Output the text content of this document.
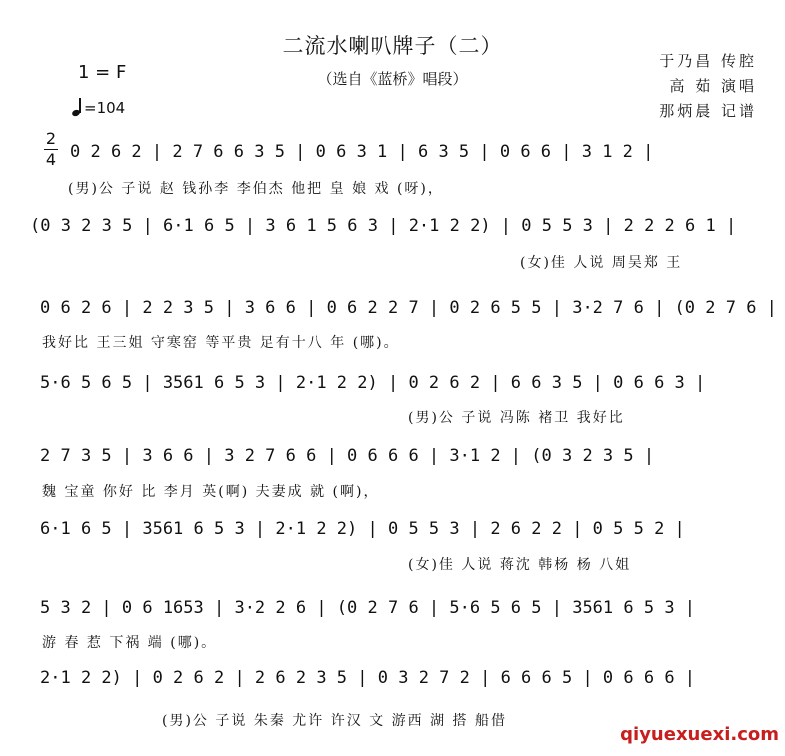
二流水喇叭牌子（二）
（选自《蓝桥》唱段）
于乃昌 传腔
高 茹 演唱
那炳晨 记谱
1 = F
=104
2
4 0 2 6 2 | 2 7 6 6 3 5 | 0 6 3 1 | 6 3 5 | 0 6 6 | 3 1 2 |
(男)公 子说 赵 钱孙李 李伯杰 他把 皇 娘 戏 (呀)，
(0 3 2 3 5 | 6·1 6 5 | 3 6 1 5 6 3 | 2·1 2 2) | 0 5 5 3 | 2 2 2 6 1 |
(女)佳 人说 周吴郑 王
0 6 2 6 | 2 2 3 5 | 3 6 6 | 0 6 2 2 7 | 0 2 6 5 5 | 3·2 7 6 | (0 2 7 6 |
我好比 王三姐 守寒窑 等平贵 足有十八 年 (哪)。
5·6 5 6 5 | 3561 6 5 3 | 2·1 2 2) | 0 2 6 2 | 6 6 3 5 | 0 6 6 3 |
(男)公 子说 冯陈 褚卫 我好比
2 7 3 5 | 3 6 6 | 3 2 7 6 6 | 0 6 6 6 | 3·1 2 | (0 3 2 3 5 |
魏 宝童 你好 比 李月 英(啊) 夫妻成 就 (啊)，
6·1 6 5 | 3561 6 5 3 | 2·1 2 2) | 0 5 5 3 | 2 6 2 2 | 0 5 5 2 |
(女)佳 人说 蒋沈 韩杨 杨 八姐
5 3 2 | 0 6 1653 | 3·2 2 6 | (0 2 7 6 | 5·6 5 6 5 | 3561 6 5 3 |
游 春 惹 下祸 端 (哪)。
2·1 2 2) | 0 2 6 2 | 2 6 2 3 5 | 0 3 2 7 2 | 6 6 6 5 | 0 6 6 6 |
(男)公 子说 朱秦 尤许 许汉 文 游西 湖 搭 船借
qiyuexuexi.com
